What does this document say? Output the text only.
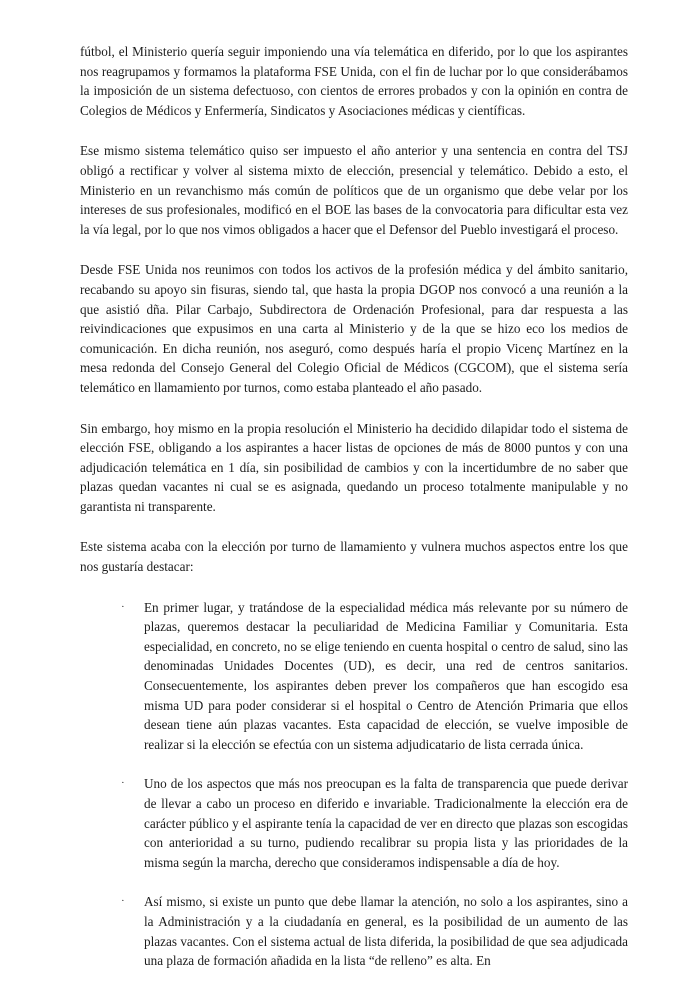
fútbol, el Ministerio quería seguir imponiendo una vía telemática en diferido, por lo que los aspirantes nos reagrupamos y formamos la plataforma FSE Unida, con el fin de luchar por lo que considerábamos la imposición de un sistema defectuoso, con cientos de errores probados y con la opinión en contra de Colegios de Médicos y Enfermería, Sindicatos y Asociaciones médicas y científicas.

Ese mismo sistema telemático quiso ser impuesto el año anterior y una sentencia en contra del TSJ obligó a rectificar y volver al sistema mixto de elección, presencial y telemático. Debido a esto, el Ministerio en un revanchismo más común de políticos que de un organismo que debe velar por los intereses de sus profesionales, modificó en el BOE las bases de la convocatoria para dificultar esta vez la vía legal, por lo que nos vimos obligados a hacer que el Defensor del Pueblo investigará el proceso.

Desde FSE Unida nos reunimos con todos los activos de la profesión médica y del ámbito sanitario, recabando su apoyo sin fisuras, siendo tal, que hasta la propia DGOP nos convocó a una reunión a la que asistió dña. Pilar Carbajo, Subdirectora de Ordenación Profesional, para dar respuesta a las reivindicaciones que expusimos en una carta al Ministerio y de la que se hizo eco los medios de comunicación. En dicha reunión, nos aseguró, como después haría el propio Vicenç Martínez en la mesa redonda del Consejo General del Colegio Oficial de Médicos (CGCOM), que el sistema sería telemático en llamamiento por turnos, como estaba planteado el año pasado.

Sin embargo, hoy mismo en la propia resolución el Ministerio ha decidido dilapidar todo el sistema de elección FSE, obligando a los aspirantes a hacer listas de opciones de más de 8000 puntos y con una adjudicación telemática en 1 día, sin posibilidad de cambios y con la incertidumbre de no saber que plazas quedan vacantes ni cual se es asignada, quedando un proceso totalmente manipulable y no garantista ni transparente.

Este sistema acaba con la elección por turno de llamamiento y vulnera muchos aspectos entre los que nos gustaría destacar:

· En primer lugar, y tratándose de la especialidad médica más relevante por su número de plazas, queremos destacar la peculiaridad de Medicina Familiar y Comunitaria. Esta especialidad, en concreto, no se elige teniendo en cuenta hospital o centro de salud, sino las denominadas Unidades Docentes (UD), es decir, una red de centros sanitarios. Consecuentemente, los aspirantes deben prever los compañeros que han escogido esa misma UD para poder considerar si el hospital o Centro de Atención Primaria que ellos desean tiene aún plazas vacantes. Esta capacidad de elección, se vuelve imposible de realizar si la elección se efectúa con un sistema adjudicatario de lista cerrada única.
· Uno de los aspectos que más nos preocupan es la falta de transparencia que puede derivar de llevar a cabo un proceso en diferido e invariable. Tradicionalmente la elección era de carácter público y el aspirante tenía la capacidad de ver en directo que plazas son escogidas con anterioridad a su turno, pudiendo recalibrar su propia lista y las prioridades de la misma según la marcha, derecho que consideramos indispensable a día de hoy.
· Así mismo, si existe un punto que debe llamar la atención, no solo a los aspirantes, sino a la Administración y a la ciudadanía en general, es la posibilidad de un aumento de las plazas vacantes. Con el sistema actual de lista diferida, la posibilidad de que sea adjudicada una plaza de formación añadida en la lista “de relleno” es alta. En
